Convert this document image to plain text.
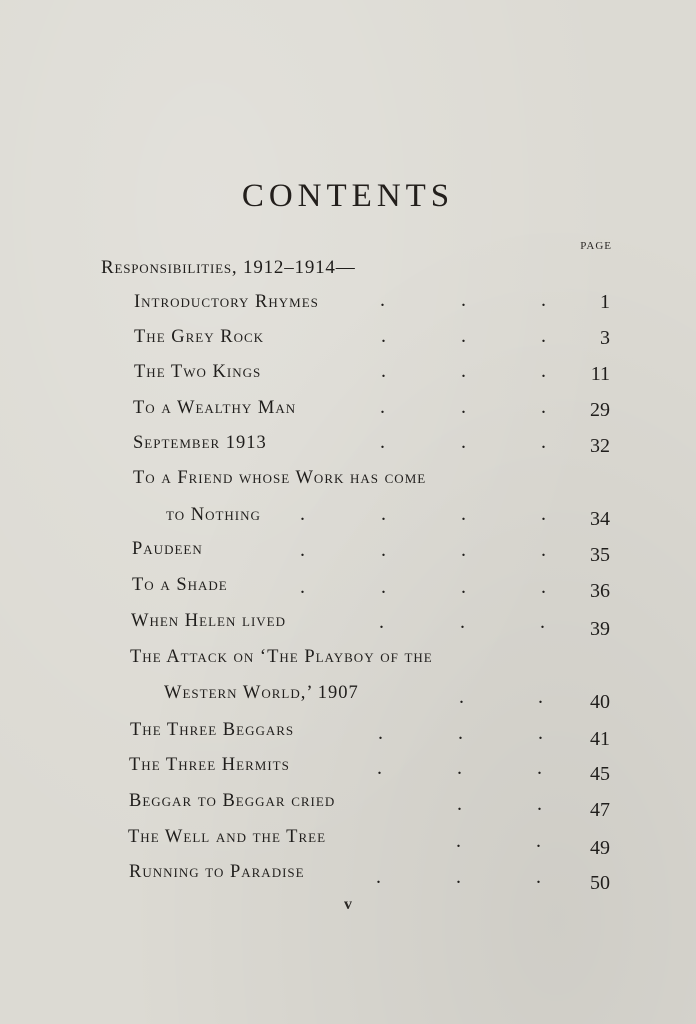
CONTENTS
PAGE
Responsibilities, 1912–1914—
Introductory Rhymes	.	.	.	1
The Grey Rock	.	.	.	3
The Two Kings	.	.	. 11
To a Wealthy Man	.	.	. 29
September 1913	.	.	. 32
To a Friend whose Work has come
to Nothing .	.	.	. 34
Paudeen	.	.	.	. 35
To a Shade	.	.	.	. 36
When Helen lived	.	.	. 39
The Attack on ‘The Playboy of the
Western World,’ 1907	.	. 40
The Three Beggars	.	.	. 41
The Three Hermits	.	.	. 45
Beggar to Beggar cried	.	. 47
The Well and the Tree	.	. 49
Running to Paradise	.	.	. 50
v
